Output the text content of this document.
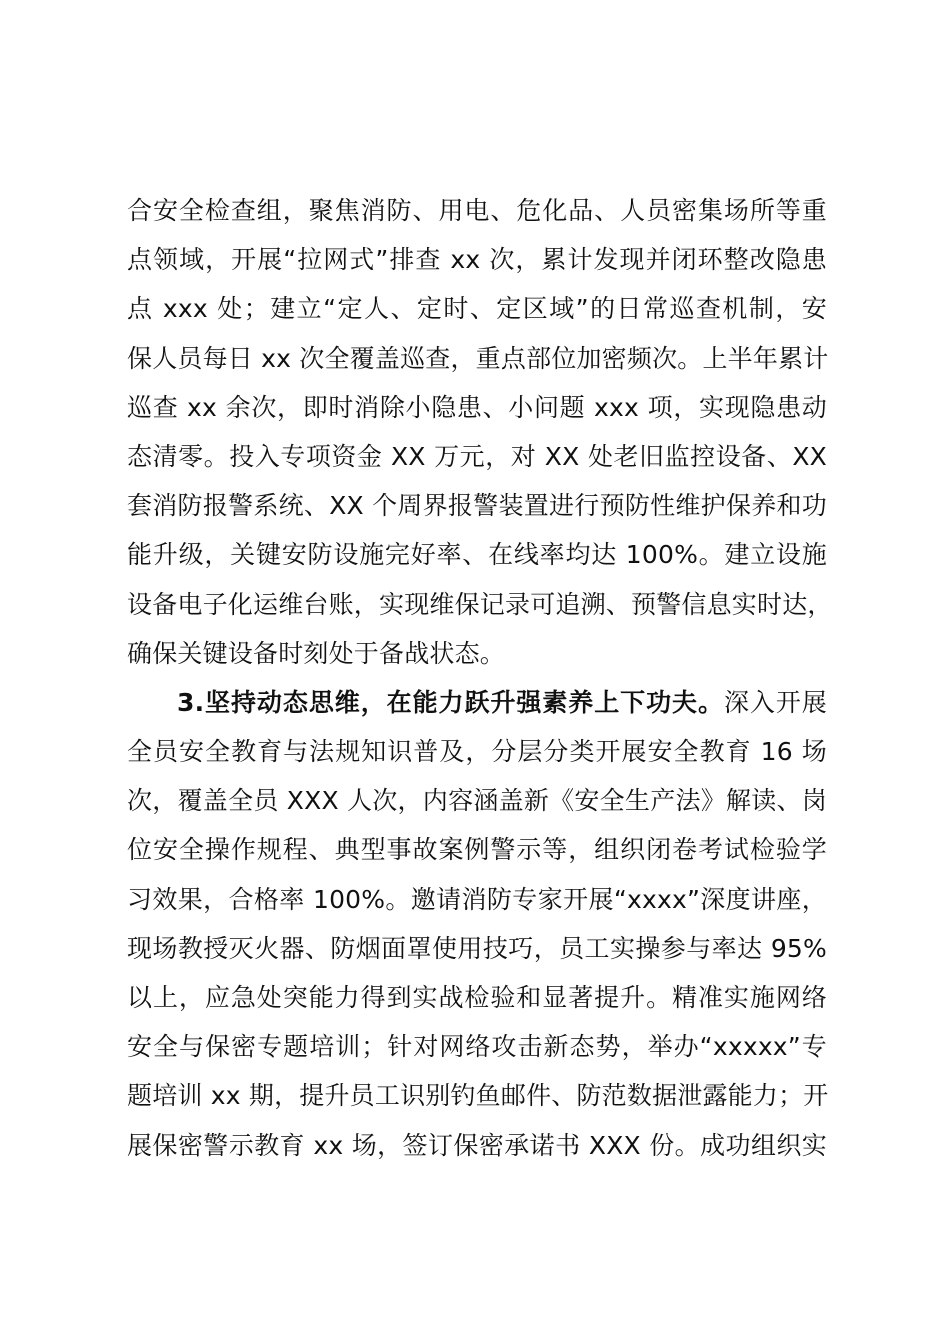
合安全检查组，聚焦消防、用电、危化品、人员密集场所等重
点领域，开展“拉网式”排查 xx 次，累计发现并闭环整改隐患
点 xxx 处；建立“定人、定时、定区域”的日常巡查机制，安
保人员每日 xx 次全覆盖巡查，重点部位加密频次。上半年累计
巡查 xx 余次，即时消除小隐患、小问题 xxx 项，实现隐患动
态清零。投入专项资金 XX 万元，对 XX 处老旧监控设备、XX
套消防报警系统、XX 个周界报警装置进行预防性维护保养和功
能升级，关键安防设施完好率、在线率均达 100%。建立设施
设备电子化运维台账，实现维保记录可追溯、预警信息实时达，
确保关键设备时刻处于备战状态。
3.坚持动态思维，在能力跃升强素养上下功夫。深入开展
全员安全教育与法规知识普及，分层分类开展安全教育 16 场
次，覆盖全员 XXX 人次，内容涵盖新《安全生产法》解读、岗
位安全操作规程、典型事故案例警示等，组织闭卷考试检验学
习效果，合格率 100%。邀请消防专家开展“xxxx”深度讲座，
现场教授灭火器、防烟面罩使用技巧，员工实操参与率达 95%
以上，应急处突能力得到实战检验和显著提升。精准实施网络
安全与保密专题培训；针对网络攻击新态势，举办“xxxxx”专
题培训 xx 期，提升员工识别钓鱼邮件、防范数据泄露能力；开
展保密警示教育 xx 场，签订保密承诺书 XXX 份。成功组织实
